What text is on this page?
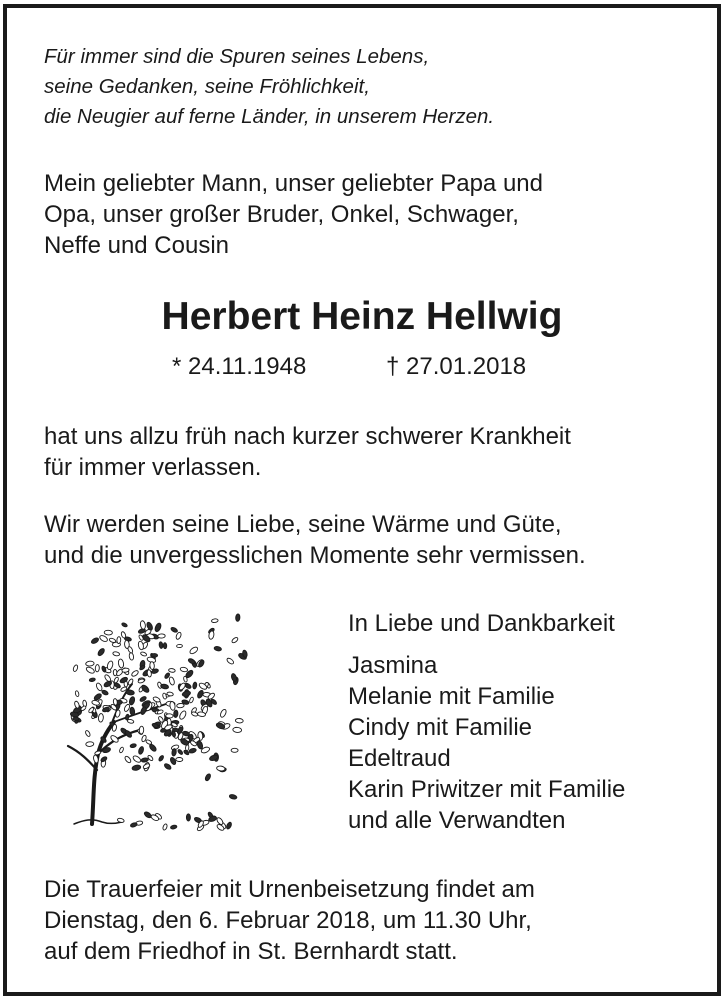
Für immer sind die Spuren seines Lebens,
seine Gedanken, seine Fröhlichkeit,
die Neugier auf ferne Länder, in unserem Herzen.
Mein geliebter Mann, unser geliebter Papa und
Opa, unser großer Bruder, Onkel, Schwager,
Neffe und Cousin
Herbert Heinz Hellwig
* 24.11.1948	† 27.01.2018
hat uns allzu früh nach kurzer schwerer Krankheit
für immer verlassen.
Wir werden seine Liebe, seine Wärme und Güte,
und die unvergesslichen Momente sehr vermissen.
In Liebe und Dankbarkeit
Jasmina
Melanie mit Familie
Cindy mit Familie
Edeltraud
Karin Priwitzer mit Familie
und alle Verwandten
Die Trauerfeier mit Urnenbeisetzung findet am
Dienstag, den 6. Februar 2018, um 11.30 Uhr,
auf dem Friedhof in St. Bernhardt statt.
